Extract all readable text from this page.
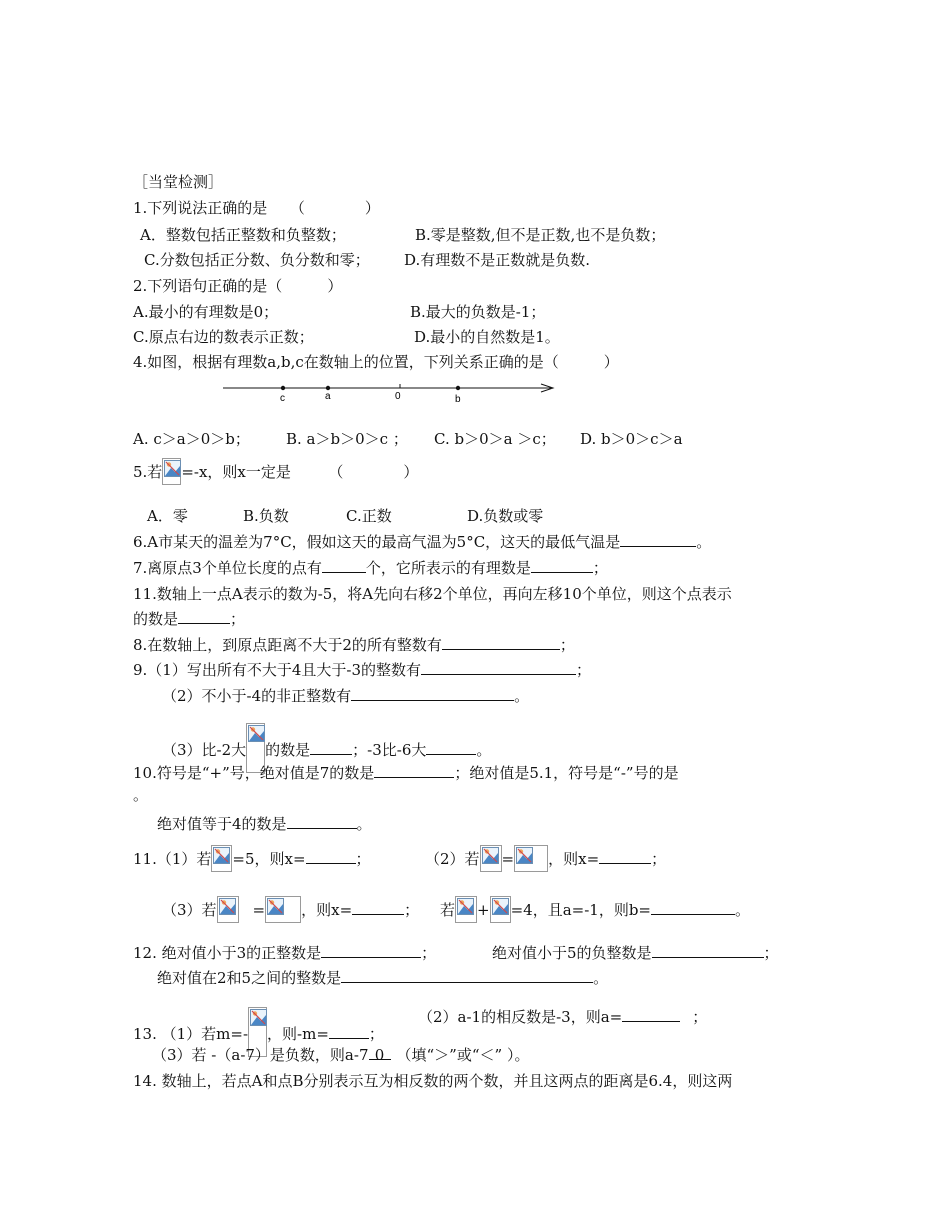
［当堂检测］
1.下列说法正确的是　　（　　　　）
A．整数包括正整数和负整数；	B.零是整数,但不是正数,也不是负数；
C.分数包括正分数、负分数和零； D.有理数不是正数就是负数.
2.下列语句正确的是（　　　）
A.最小的有理数是0；	B.最大的负数是-1；
C.原点右边的数表示正数；	D.最小的自然数是1。
4.如图，根据有理数a,b,c在数轴上的位置，下列关系正确的是（　　　）
c	a	0	b
A. c＞a＞0＞b； B. a＞b＞0＞c ； C. b＞0＞a ＞c； D. b＞0＞c＞a
5.若 =-x，则x一定是　　　（　　　　）
A．零	B.负数	C.正数	D.负数或零
6.A市某天的温差为7°C，假如这天的最高气温为5°C，这天的最低气温是	。
7.离原点3个单位长度的点有	个，它所表示的有理数是	；
11.数轴上一点A表示的数为-5，将A先向右移2个单位，再向左移10个单位，则这个点表示
的数是	；
8.在数轴上，到原点距离不大于2的所有整数有	；
9.（1）写出所有不大于4且大于-3的整数有	；
（2）不小于-4的非正整数有	。
（3）比-2大 的数是	；-3比-6大	。
10.符号是“+”号，绝对值是7的数是	；绝对值是5.1，符号是“-”号的是
。
绝对值等于4的数是	。
11.（1）若 =5，则x=	；	（2）若 = ，则x=	；
（3）若 = ，则x=	； 若 + =4，且a=-1，则b=	。
12. 绝对值小于3的正整数是	；	绝对值小于5的负整数是	；
绝对值在2和5之间的整数是	。
13. （1）若m=- ，则-m=	；
（2）a-1的相反数是-3，则a=	；
（3）若 -（a-7）是负数，则a-7 0 （填“＞”或“＜” ）。
14. 数轴上，若点A和点B分别表示互为相反数的两个数，并且这两点的距离是6.4，则这两
